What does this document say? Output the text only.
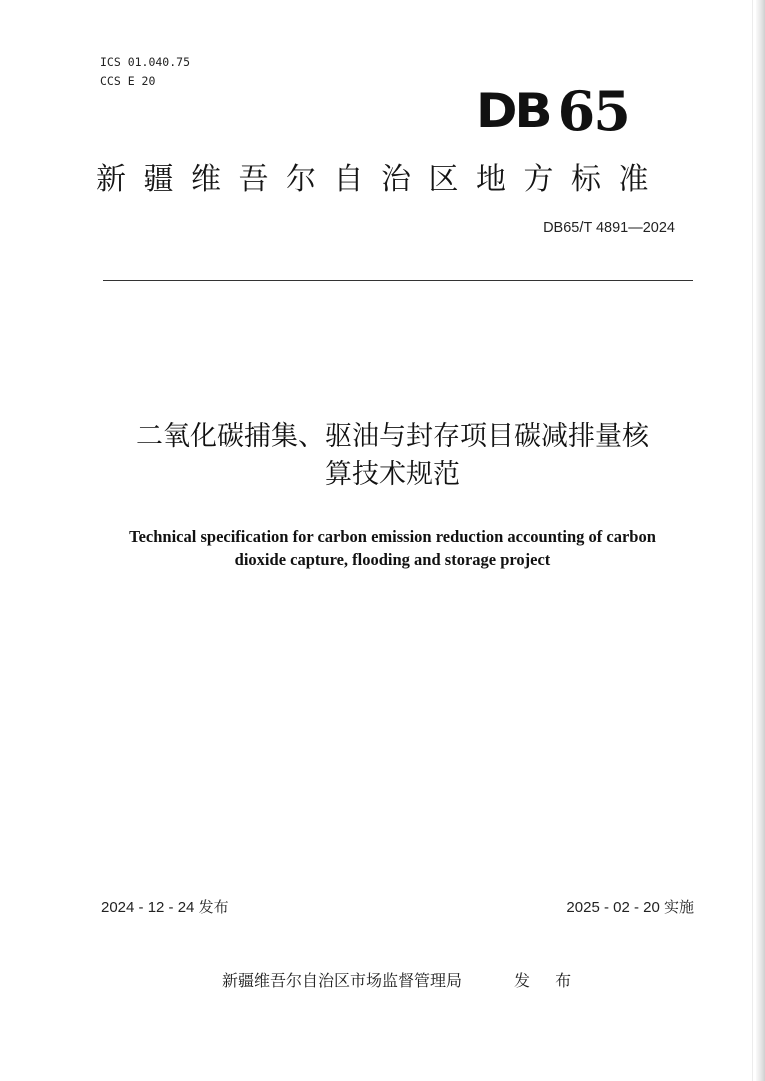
ICS 01.040.75
CCS E 20
DB 65
新疆维吾尔自治区地方标准
DB65/T 4891—2024
二氧化碳捕集、驱油与封存项目碳减排量核
算技术规范
Technical specification for carbon emission reduction accounting of carbon
dioxide capture, flooding and storage project
2024 - 12 - 24 发布	2025 - 02 - 20 实施
新疆维吾尔自治区市场监督管理局	发 布
